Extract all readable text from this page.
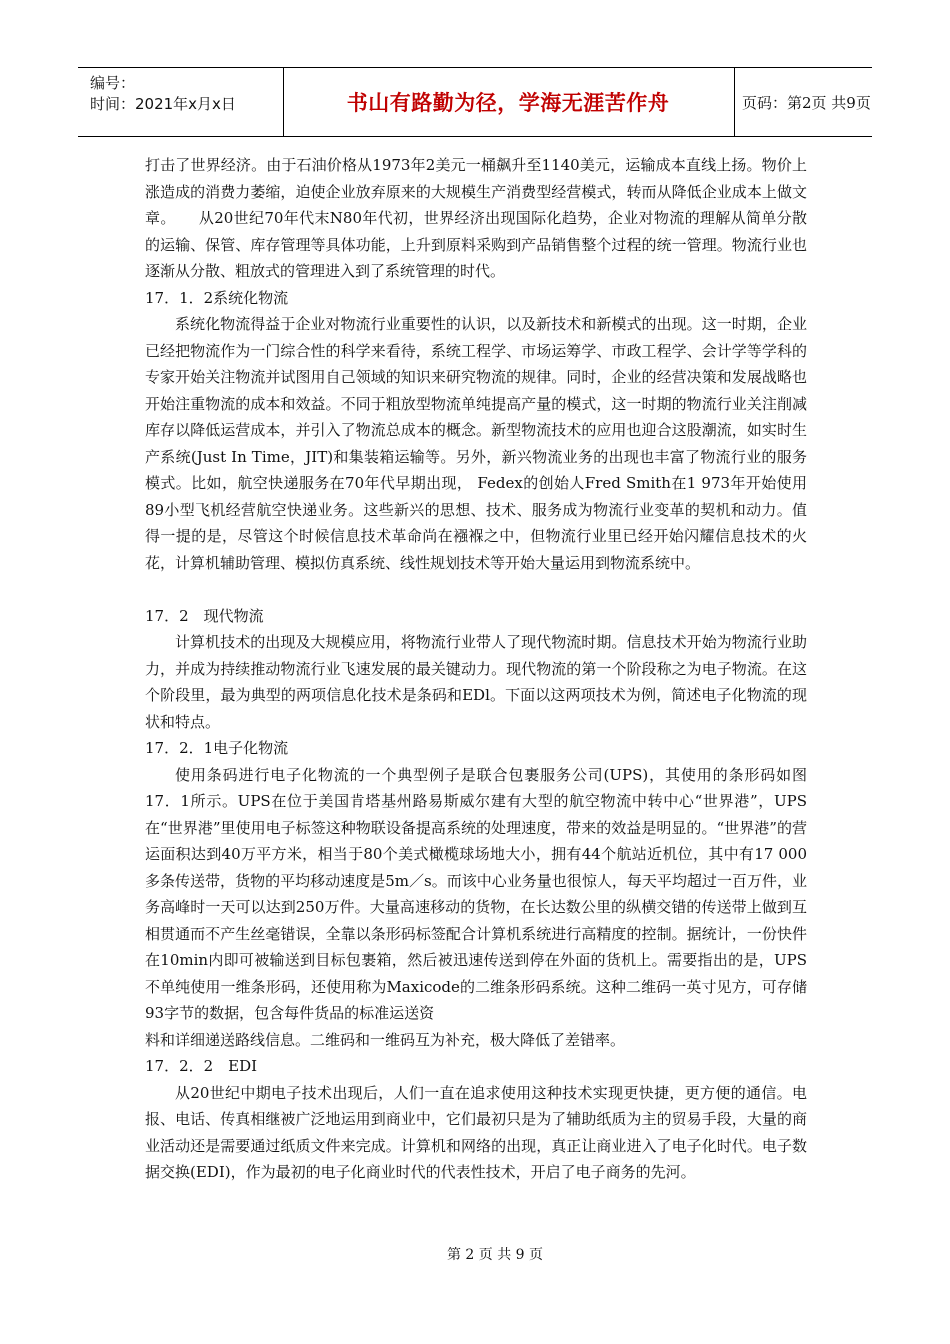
编号：
时间：2021年x月x日	书山有路勤为径，学海无涯苦作舟	页码：第2页 共9页

打击了世界经济。由于石油价格从1973年2美元一桶飙升至1140美元，运输成本直线上扬。物价上涨造成的消费力萎缩，迫使企业放弃原来的大规模生产消费型经营模式，转而从降低企业成本上做文章。　　从20世纪70年代末N80年代初，世界经济出现国际化趋势，企业对物流的理解从简单分散的运输、保管、库存管理等具体功能，上升到原料采购到产品销售整个过程的统一管理。物流行业也逐渐从分散、粗放式的管理进入到了系统管理的时代。

17．1．2系统化物流

系统化物流得益于企业对物流行业重要性的认识，以及新技术和新模式的出现。这一时期，企业已经把物流作为一门综合性的科学来看待，系统工程学、市场运筹学、市政工程学、会计学等学科的专家开始关注物流并试图用自己领域的知识来研究物流的规律。同时，企业的经营决策和发展战略也开始注重物流的成本和效益。不同于粗放型物流单纯提高产量的模式，这一时期的物流行业关注削减库存以降低运营成本，并引入了物流总成本的概念。新型物流技术的应用也迎合这股潮流，如实时生产系统(Just In Time，JIT)和集装箱运输等。另外，新兴物流业务的出现也丰富了物流行业的服务模式。比如，航空快递服务在70年代早期出现， Fedex的创始人Fred Smith在1 973年开始使用89小型飞机经营航空快递业务。这些新兴的思想、技术、服务成为物流行业变革的契机和动力。值得一提的是，尽管这个时候信息技术革命尚在襁褓之中，但物流行业里已经开始闪耀信息技术的火花，计算机辅助管理、模拟仿真系统、线性规划技术等开始大量运用到物流系统中。

17．2　现代物流

计算机技术的出现及大规模应用，将物流行业带人了现代物流时期。信息技术开始为物流行业助力，并成为持续推动物流行业飞速发展的最关键动力。现代物流的第一个阶段称之为电子物流。在这个阶段里，最为典型的两项信息化技术是条码和EDl。下面以这两项技术为例，简述电子化物流的现状和特点。

17．2．1电子化物流

使用条码进行电子化物流的一个典型例子是联合包裹服务公司(UPS)，其使用的条形码如图17．1所示。UPS在位于美国肯塔基州路易斯威尔建有大型的航空物流中转中心“世界港”，UPS在“世界港”里使用电子标签这种物联设备提高系统的处理速度，带来的效益是明显的。“世界港”的营运面积达到40万平方米，相当于80个美式橄榄球场地大小，拥有44个航站近机位，其中有17 000多条传送带，货物的平均移动速度是5m／s。而该中心业务量也很惊人，每天平均超过一百万件，业务高峰时一天可以达到250万件。大量高速移动的货物，在长达数公里的纵横交错的传送带上做到互相贯通而不产生丝毫错误，全靠以条形码标签配合计算机系统进行高精度的控制。据统计，一份快件在10min内即可被输送到目标包裹箱，然后被迅速传送到停在外面的货机上。需要指出的是，UPS不单纯使用一维条形码，还使用称为Maxicode的二维条形码系统。这种二维码一英寸见方，可存储93字节的数据，包含每件货品的标准运送资

料和详细递送路线信息。二维码和一维码互为补充，极大降低了差错率。

17．2．2　EDI

从20世纪中期电子技术出现后，人们一直在追求使用这种技术实现更快捷，更方便的通信。电报、电话、传真相继被广泛地运用到商业中，它们最初只是为了辅助纸质为主的贸易手段，大量的商业活动还是需要通过纸质文件来完成。计算机和网络的出现，真正让商业进入了电子化时代。电子数据交换(EDI)，作为最初的电子化商业时代的代表性技术，开启了电子商务的先河。

第 2 页 共 9 页
